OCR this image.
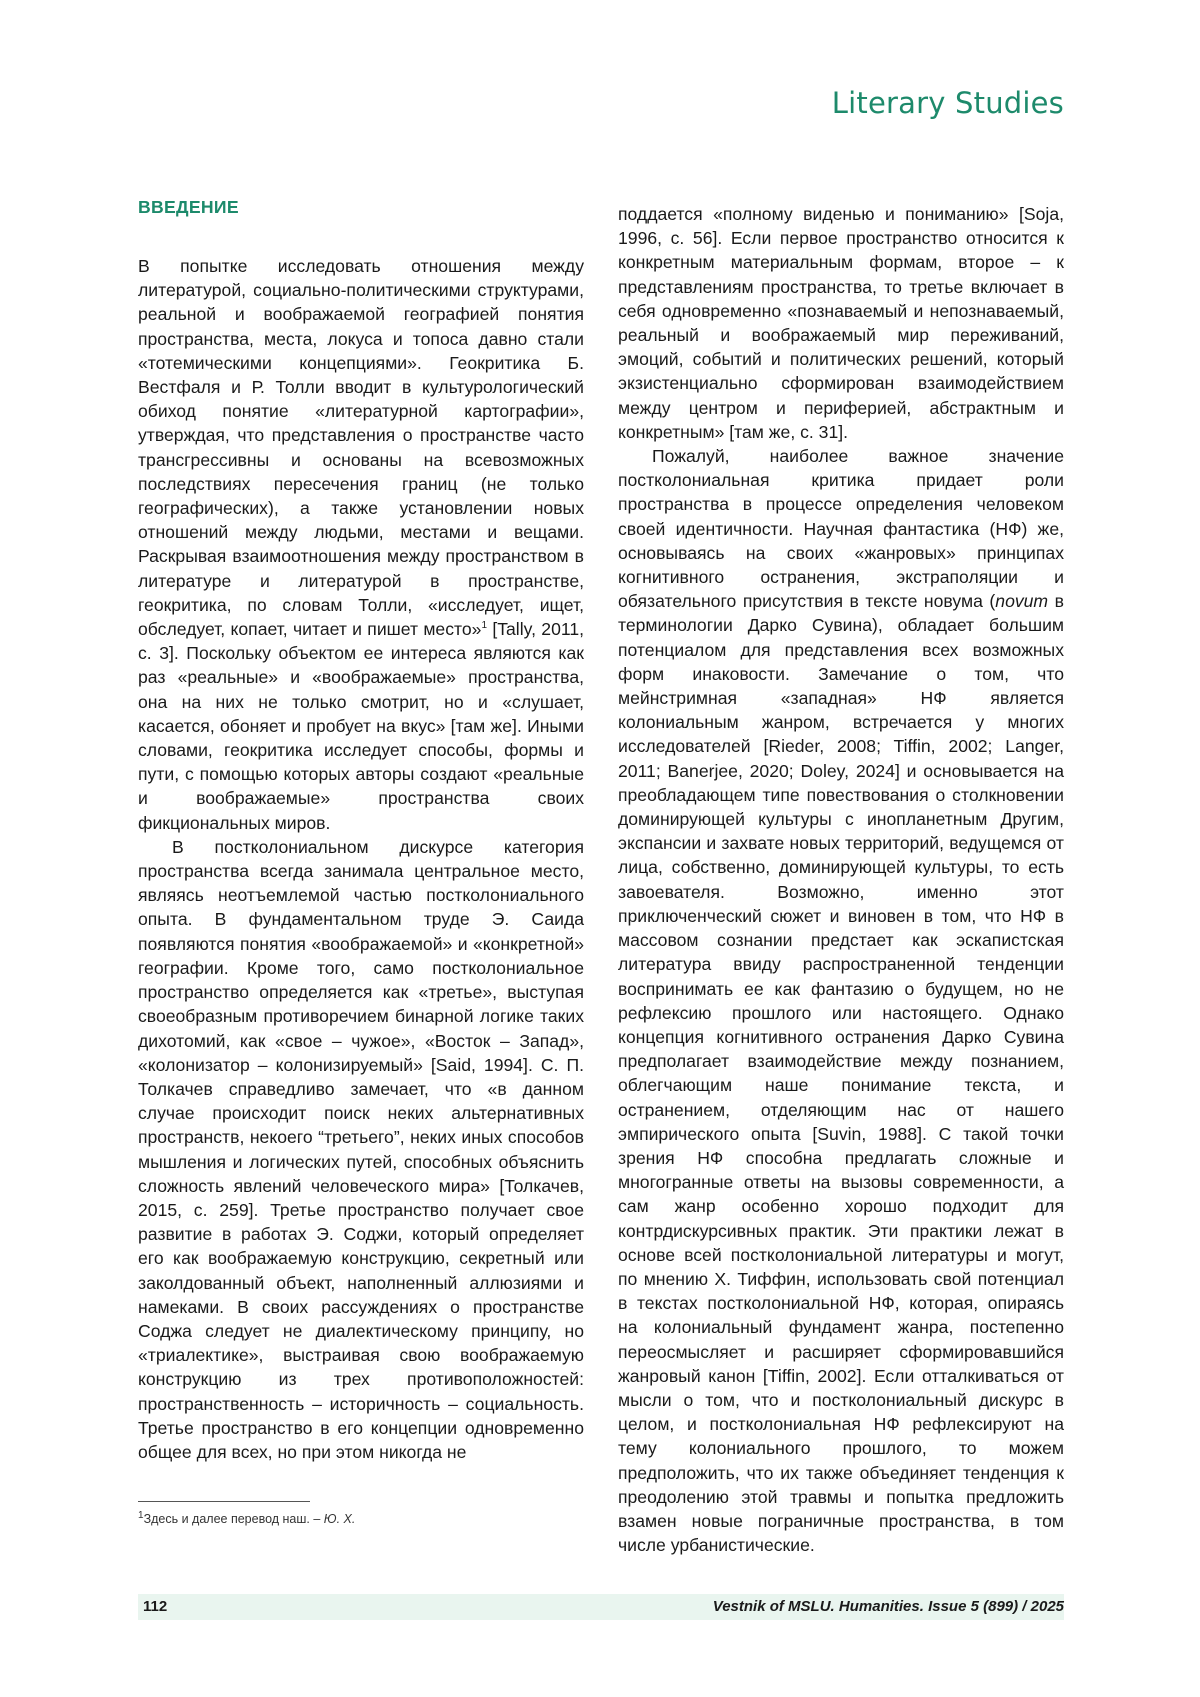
Literary Studies
ВВЕДЕНИЕ

В попытке исследовать отношения между литературой, социально-политическими структурами, реальной и воображаемой географией понятия пространства, места, локуса и топоса давно стали «тотемическими концепциями». Геокритика Б. Вестфаля и Р. Толли вводит в культурологический обиход понятие «литературной картографии», утверждая, что представления о пространстве часто трансгрессивны и основаны на всевозможных последствиях пересечения границ (не только географических), а также установлении новых отношений между людьми, местами и вещами. Раскрывая взаимоотношения между пространством в литературе и литературой в пространстве, геокритика, по словам Толли, «исследует, ищет, обследует, копает, читает и пишет место»$^1$ [Tally, 2011, с. 3]. Поскольку объектом ее интереса являются как раз «реальные» и «воображаемые» пространства, она на них не только смотрит, но и «слушает, касается, обоняет и пробует на вкус» [там же]. Иными словами, геокритика исследует способы, формы и пути, с помощью которых авторы создают «реальные и воображаемые» пространства своих фикциональных миров.

В постколониальном дискурсе категория пространства всегда занимала центральное место, являясь неотъемлемой частью постколониального опыта. В фундаментальном труде Э. Саида появляются понятия «воображаемой» и «конкретной» географии. Кроме того, само постколониальное пространство определяется как «третье», выступая своеобразным противоречием бинарной логике таких дихотомий, как «свое – чужое», «Восток – Запад», «колонизатор – колонизируемый» [Said, 1994]. С. П. Толкачев справедливо замечает, что «в данном случае происходит поиск неких альтернативных пространств, некоего “третьего”, неких иных способов мышления и логических путей, способных объяснить сложность явлений человеческого мира» [Толкачев, 2015, с. 259]. Третье пространство получает свое развитие в работах Э. Соджи, который определяет его как воображаемую конструкцию, секретный или заколдованный объект, наполненный аллюзиями и намеками. В своих рассуждениях о пространстве Соджа следует не диалектическому принципу, но «триалектике», выстраивая свою воображаемую конструкцию из трех противоположностей: пространственность – историчность – социальность. Третье пространство в его концепции одновременно общее для всех, но при этом никогда не

поддается «полному виденью и пониманию» [Soja, 1996, с. 56]. Если первое пространство относится к конкретным материальным формам, второе – к представлениям пространства, то третье включает в себя одновременно «познаваемый и непознаваемый, реальный и воображаемый мир переживаний, эмоций, событий и политических решений, который экзистенциально сформирован взаимодействием между центром и периферией, абстрактным и конкретным» [там же, с. 31].

Пожалуй, наиболее важное значение постколониальная критика придает роли пространства в процессе определения человеком своей идентичности. Научная фантастика (НФ) же, основываясь на своих «жанровых» принципах когнитивного остранения, экстраполяции и обязательного присутствия в тексте новума (novum в терминологии Дарко Сувина), обладает большим потенциалом для представления всех возможных форм инаковости. Замечание о том, что мейнстримная «западная» НФ является колониальным жанром, встречается у многих исследователей [Rieder, 2008; Tiffin, 2002; Langer, 2011; Banerjee, 2020; Doley, 2024] и основывается на преобладающем типе повествования о столкновении доминирующей культуры с инопланетным Другим, экспансии и захвате новых территорий, ведущемся от лица, собственно, доминирующей культуры, то есть завоевателя. Возможно, именно этот приключенческий сюжет и виновен в том, что НФ в массовом сознании предстает как эскапистская литература ввиду распространенной тенденции воспринимать ее как фантазию о будущем, но не рефлексию прошлого или настоящего. Однако концепция когнитивного остранения Дарко Сувина предполагает взаимодействие между познанием, облегчающим наше понимание текста, и остранением, отделяющим нас от нашего эмпирического опыта [Suvin, 1988]. С такой точки зрения НФ способна предлагать сложные и многогранные ответы на вызовы современности, а сам жанр особенно хорошо подходит для контрдискурсивных практик. Эти практики лежат в основе всей постколониальной литературы и могут, по мнению Х. Тиффин, использовать свой потенциал в текстах постколониальной НФ, которая, опираясь на колониальный фундамент жанра, постепенно переосмысляет и расширяет сформировавшийся жанровый канон [Tiffin, 2002]. Если отталкиваться от мысли о том, что и постколониальный дискурс в целом, и постколониальная НФ рефлексируют на тему колониального прошлого, то можем предположить, что их также объединяет тенденция к преодолению этой травмы и попытка предложить взамен новые пограничные пространства, в том числе урбанистические.

$^1$Здесь и далее перевод наш. – Ю. Х.
112	Vestnik of MSLU. Humanities. Issue 5 (899) / 2025
